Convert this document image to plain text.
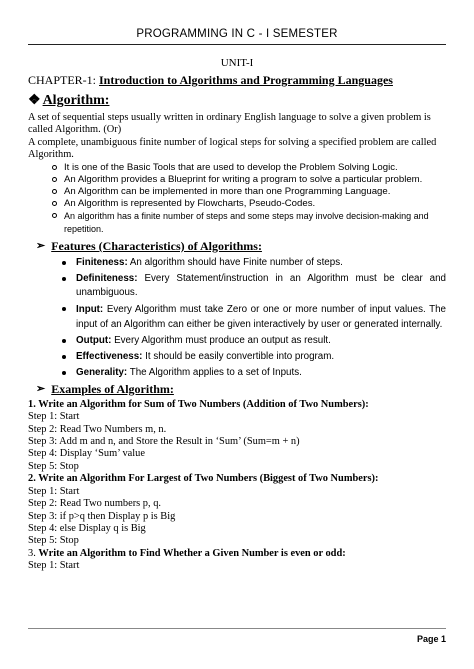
PROGRAMMING IN C - I SEMESTER
UNIT-I
CHAPTER-1: Introduction to Algorithms and Programming Languages
❖ Algorithm:

A set of sequential steps usually written in ordinary English language to solve a given problem is called Algorithm. (Or)

A complete, unambiguous finite number of logical steps for solving a specified problem are called Algorithm.

It is one of the Basic Tools that are used to develop the Problem Solving Logic.
An Algorithm provides a Blueprint for writing a program to solve a particular problem.
An Algorithm can be implemented in more than one Programming Language.
An Algorithm is represented by Flowcharts, Pseudo-Codes.
An algorithm has a finite number of steps and some steps may involve decision-making and repetition.
➢ Features (Characteristics) of Algorithms:
Finiteness: An algorithm should have Finite number of steps.
Definiteness: Every Statement/instruction in an Algorithm must be clear and unambiguous.
Input: Every Algorithm must take Zero or one or more number of input values. The input of an Algorithm can either be given interactively by user or generated internally.
Output: Every Algorithm must produce an output as result.
Effectiveness: It should be easily convertible into program.
Generality: The Algorithm applies to a set of Inputs.
➢ Examples of Algorithm:
1. Write an Algorithm for Sum of Two Numbers (Addition of Two Numbers):
Step 1: Start
Step 2: Read Two Numbers m, n.
Step 3: Add m and n, and Store the Result in ‘Sum’ (Sum=m + n)
Step 4: Display ‘Sum’ value
Step 5: Stop
2. Write an Algorithm For Largest of Two Numbers (Biggest of Two Numbers):
Step 1: Start
Step 2: Read Two numbers p, q.
Step 3: if p>q then Display p is Big
Step 4: else Display q is Big
Step 5: Stop
3. Write an Algorithm to Find Whether a Given Number is even or odd:
Step 1: Start
Page 1
